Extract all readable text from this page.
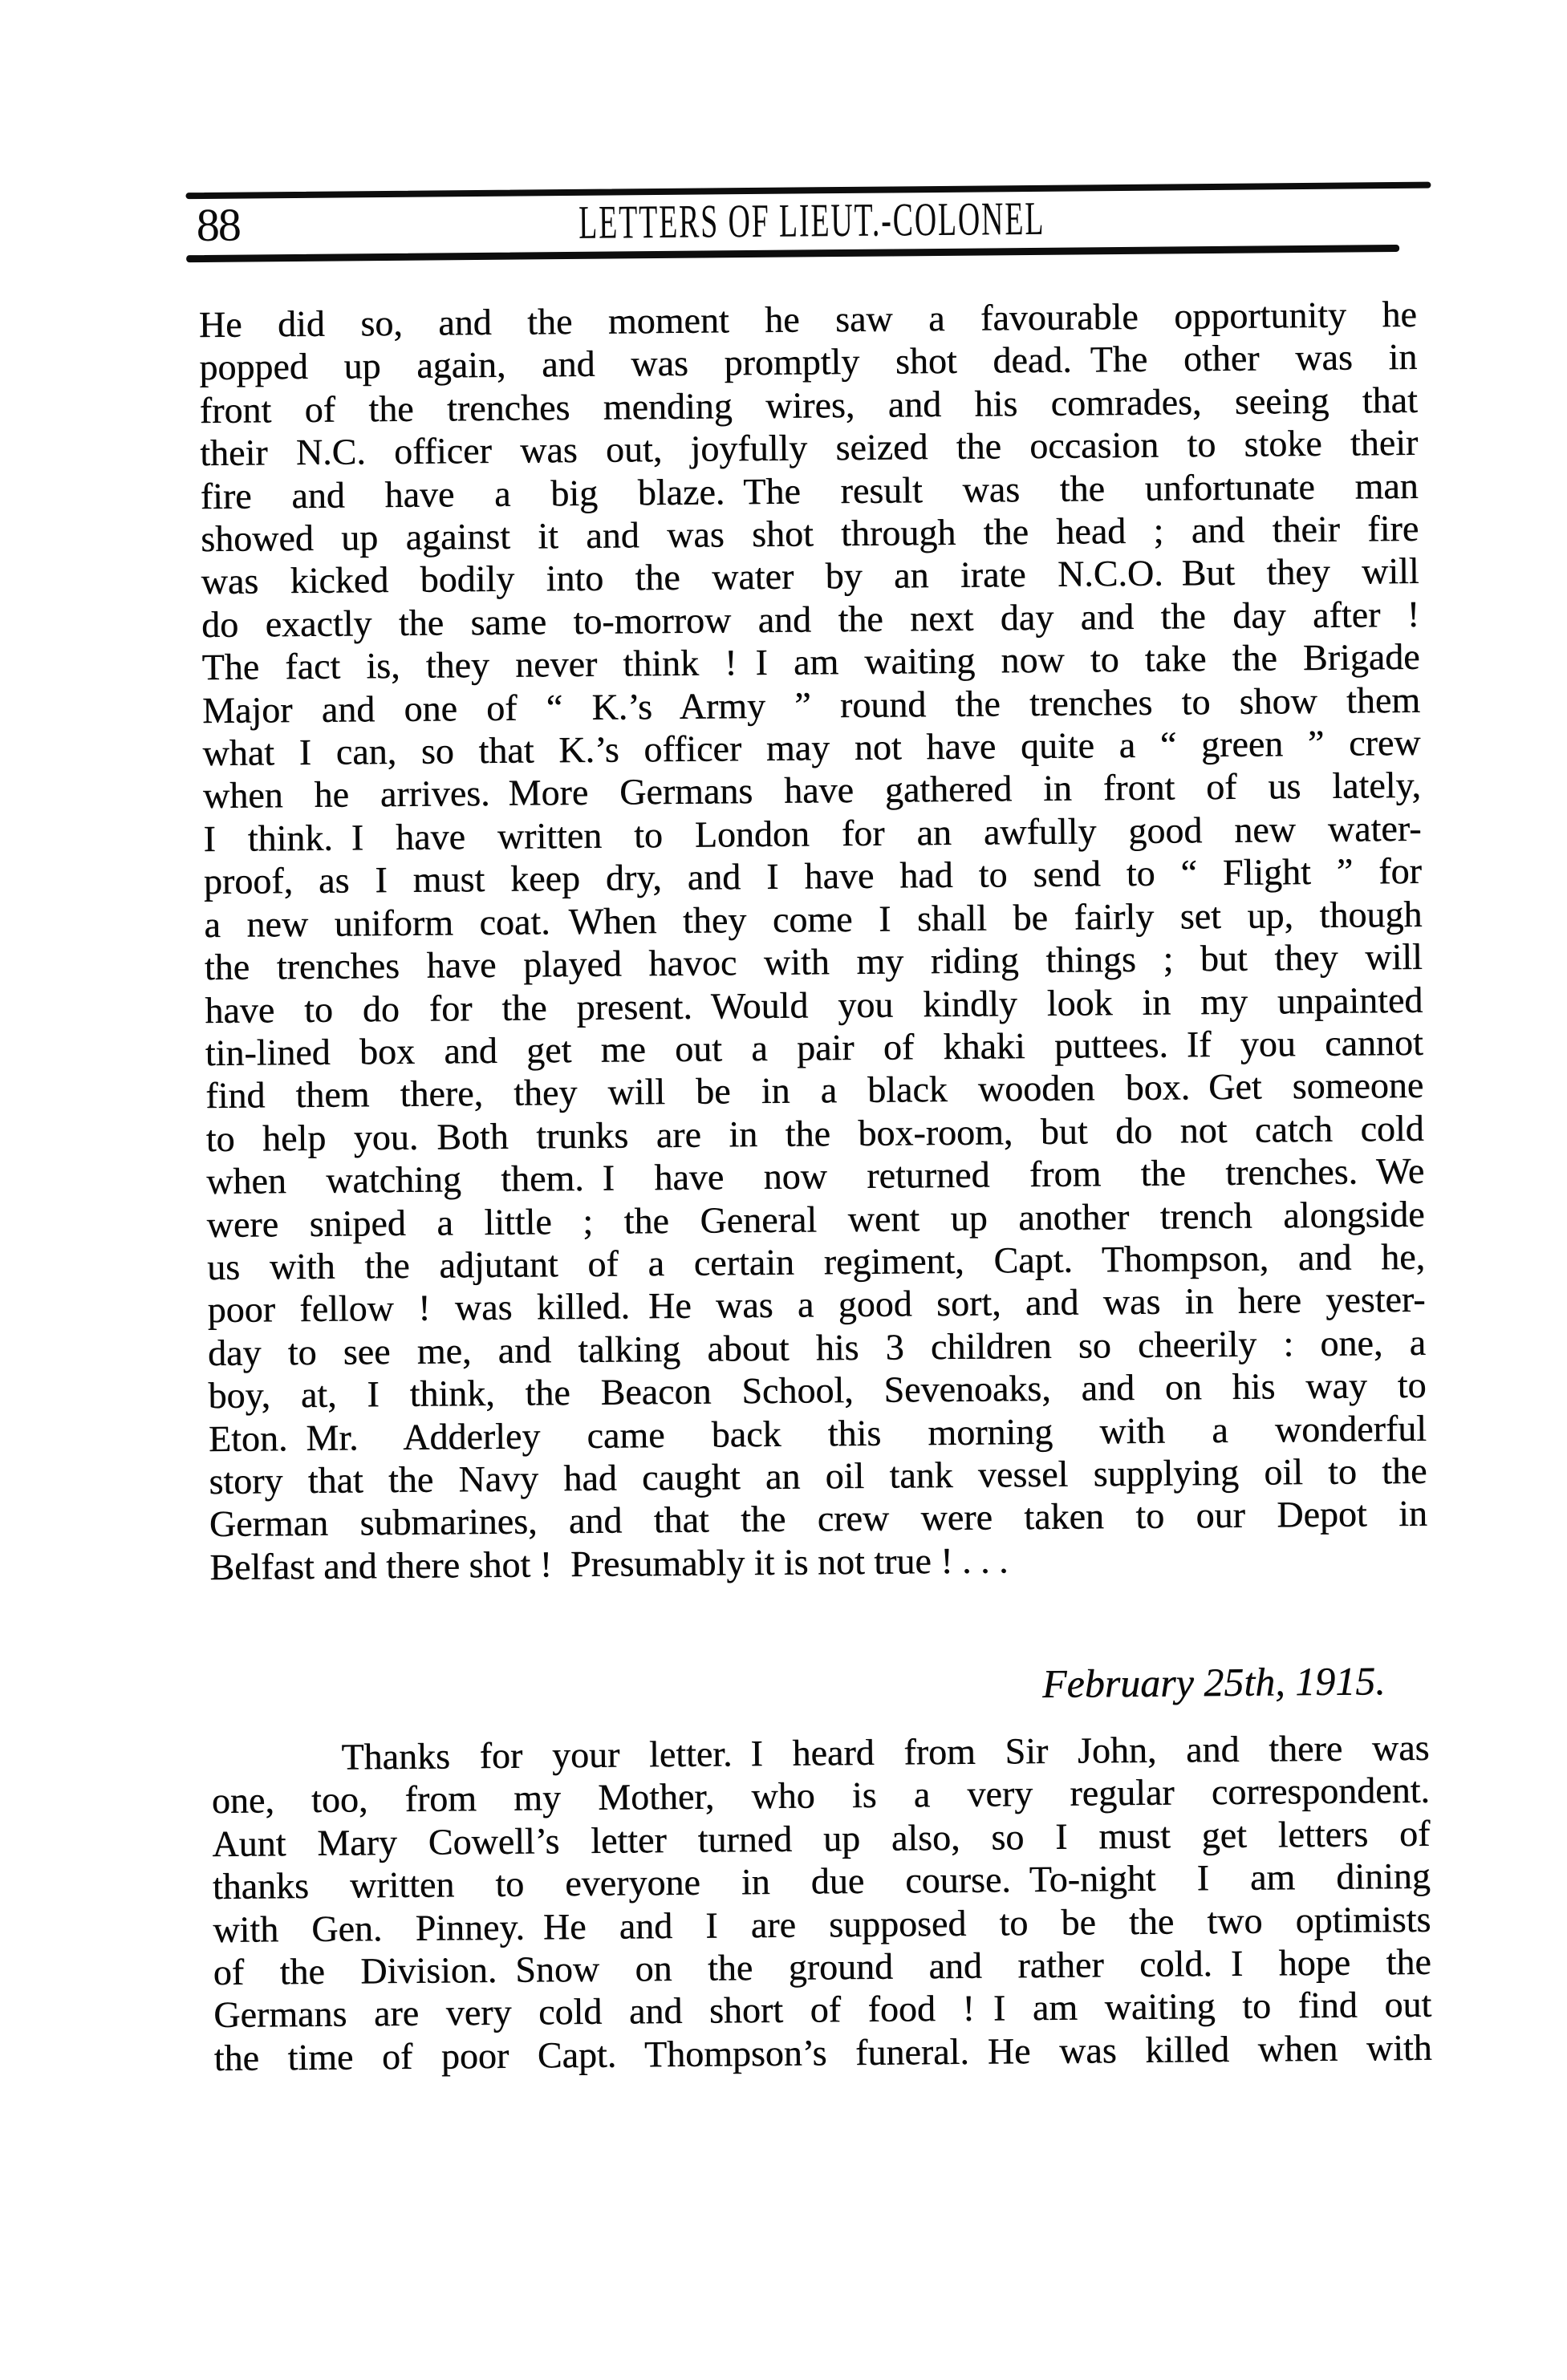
88	LETTERS OF LIEUT.-COLONEL
He did so, and the moment he saw a favourable opportunity he
popped up again, and was promptly shot dead. The other was in
front of the trenches mending wires, and his comrades, seeing that
their N.C. officer was out, joyfully seized the occasion to stoke their
fire and have a big blaze. The result was the unfortunate man
showed up against it and was shot through the head ; and their fire
was kicked bodily into the water by an irate N.C.O. But they will
do exactly the same to-morrow and the next day and the day after !
The fact is, they never think ! I am waiting now to take the Brigade
Major and one of “ K.’s Army ” round the trenches to show them
what I can, so that K.’s officer may not have quite a “ green ” crew
when he arrives. More Germans have gathered in front of us lately,
I think. I have written to London for an awfully good new water-
proof, as I must keep dry, and I have had to send to “ Flight ” for
a new uniform coat. When they come I shall be fairly set up, though
the trenches have played havoc with my riding things ; but they will
have to do for the present. Would you kindly look in my unpainted
tin-lined box and get me out a pair of khaki puttees. If you cannot
find them there, they will be in a black wooden box. Get someone
to help you. Both trunks are in the box-room, but do not catch cold
when watching them. I have now returned from the trenches. We
were sniped a little ; the General went up another trench alongside
us with the adjutant of a certain regiment, Capt. Thompson, and he,
poor fellow ! was killed. He was a good sort, and was in here yester-
day to see me, and talking about his 3 children so cheerily : one, a
boy, at, I think, the Beacon School, Sevenoaks, and on his way to
Eton. Mr. Adderley came back this morning with a wonderful
story that the Navy had caught an oil tank vessel supplying oil to the
German submarines, and that the crew were taken to our Depot in
Belfast and there shot ! Presumably it is not true ! . . .
February 25th, 1915.
Thanks for your letter. I heard from Sir John, and there was
one, too, from my Mother, who is a very regular correspondent.
Aunt Mary Cowell’s letter turned up also, so I must get letters of
thanks written to everyone in due course. To-night I am dining
with Gen. Pinney. He and I are supposed to be the two optimists
of the Division. Snow on the ground and rather cold. I hope the
Germans are very cold and short of food ! I am waiting to find out
the time of poor Capt. Thompson’s funeral. He was killed when with
